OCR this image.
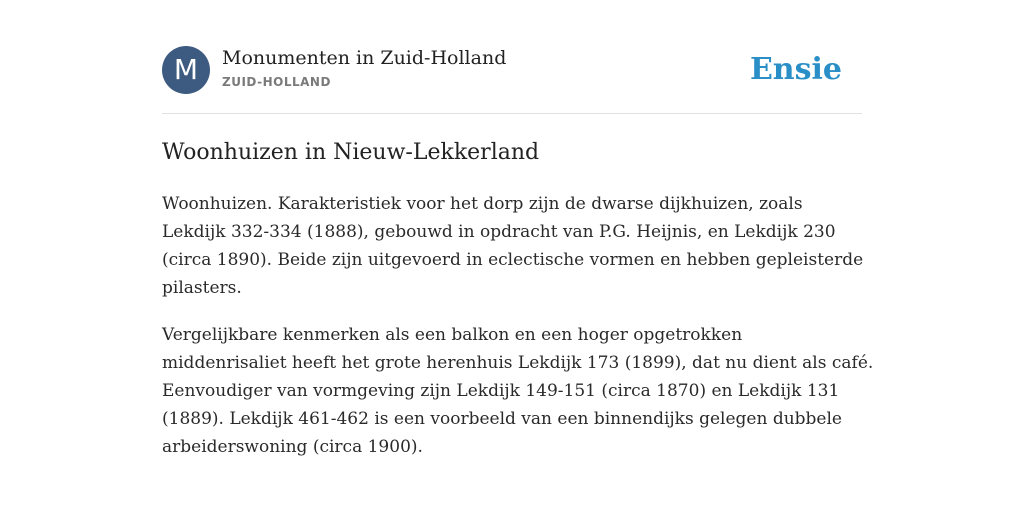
M	Monumenten in Zuid-Holland
ZUID-HOLLAND	Ensie
Woonhuizen in Nieuw-Lekkerland

Woonhuizen. Karakteristiek voor het dorp zijn de dwarse dijkhuizen, zoals
Lekdijk 332-334 (1888), gebouwd in opdracht van P.G. Heijnis, en Lekdijk 230
(circa 1890). Beide zijn uitgevoerd in eclectische vormen en hebben gepleisterde
pilasters.

Vergelijkbare kenmerken als een balkon en een hoger opgetrokken
middenrisaliet heeft het grote herenhuis Lekdijk 173 (1899), dat nu dient als café.
Eenvoudiger van vormgeving zijn Lekdijk 149-151 (circa 1870) en Lekdijk 131
(1889). Lekdijk 461-462 is een voorbeeld van een binnendijks gelegen dubbele
arbeiderswoning (circa 1900).
